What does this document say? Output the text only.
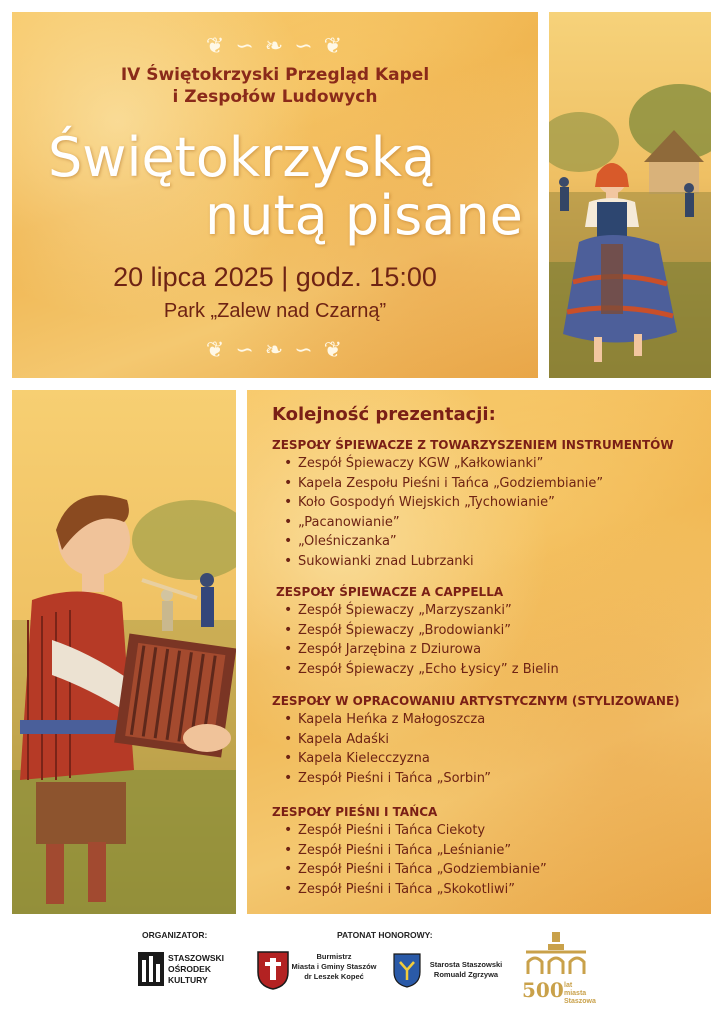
❦ ∽ ❧ ∽ ❦
IV Świętokrzyski Przegląd Kapel
i Zespołów Ludowych
Świętokrzyską
nutą pisane
20 lipca 2025 | godz. 15:00
Park „Zalew nad Czarną”
❦ ∽ ❧ ∽ ❦
Kolejność prezentacji:
ZESPOŁY ŚPIEWACZE Z TOWARZYSZENIEM INSTRUMENTÓW
• Zespół Śpiewaczy KGW „Kałkowianki”
• Kapela Zespołu Pieśni i Tańca „Godziembianie”
• Koło Gospodyń Wiejskich „Tychowianie”
• „Pacanowianie”
• „Oleśniczanka”
• Sukowianki znad Lubrzanki
ZESPOŁY ŚPIEWACZE A CAPPELLA
• Zespół Śpiewaczy „Marzyszanki”
• Zespół Śpiewaczy „Brodowianki”
• Zespół Jarzębina z Dziurowa
• Zespół Śpiewaczy „Echo Łysicy” z Bielin
ZESPOŁY W OPRACOWANIU ARTYSTYCZNYM (STYLIZOWANE)
• Kapela Heńka z Małogoszcza
• Kapela Adaśki
• Kapela Kielecczyzna
• Zespół Pieśni i Tańca „Sorbin”
ZESPOŁY PIEŚNI I TAŃCA
• Zespół Pieśni i Tańca Ciekoty
• Zespół Pieśni i Tańca „Leśnianie”
• Zespół Pieśni i Tańca „Godziembianie”
• Zespół Pieśni i Tańca „Skokotliwi”
ORGANIZATOR:
STASZOWSKI
OŚRODEK
KULTURY
PATONAT HONOROWY:
Burmistrz
Miasta i Gminy Staszów
dr Leszek Kopeć
Starosta Staszowski
Romuald Zgrzywa
500 lat miasta
Staszowa
